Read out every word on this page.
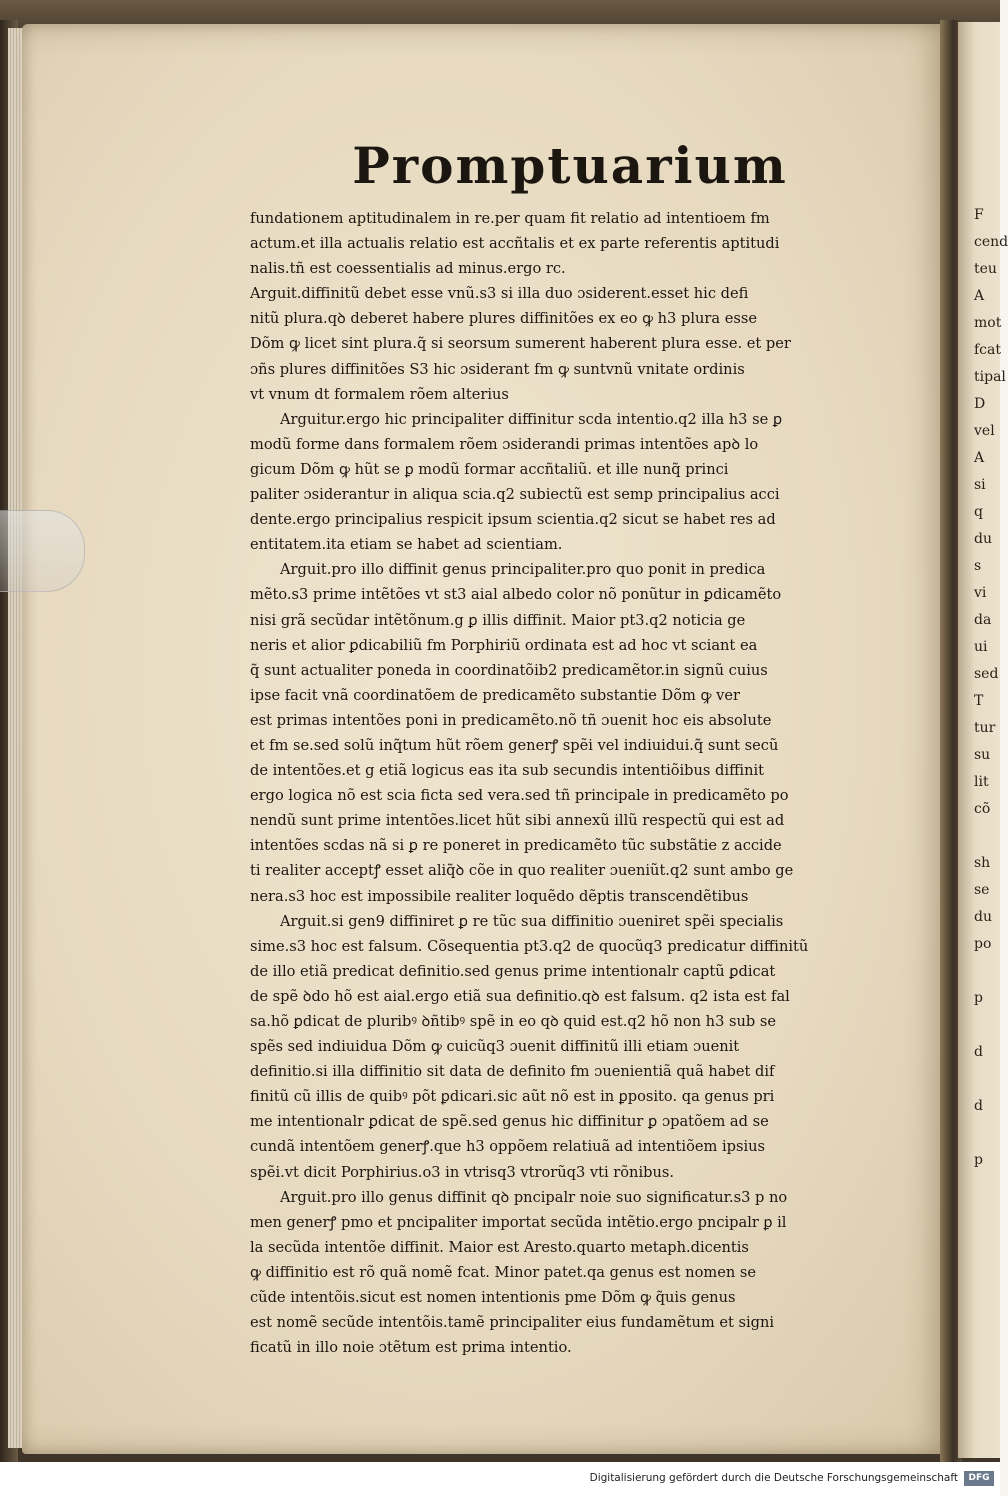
Promptuarium
fundationem aptitudinalem in re.per quam fit relatio ad intentioem fm
actum.et illa actualis relatio est accñtalis et ex parte referentis aptitudi
nalis.tñ est coessentialis ad minus.ergo rc.
Arguit.diffinitũ debet esse vnũ.s3 si illa duo ɔsiderent.esset hic defi
nitũ plura.qꝺ deberet habere plures diffinitões ex eo ꝙ h3 plura esse
Dõm ꝙ licet sint plura.q̃ si seorsum sumerent haberent plura esse. et per
ɔñs plures diffinitões S3 hic ɔsiderant fm ꝙ suntvnũ vnitate ordinis
vt vnum dt formalem rõem alterius
Arguitur.ergo hic principaliter diffinitur scda intentio.q2 illa h3 se ꝑ
modũ forme dans formalem rõem ɔsiderandi primas intentões apꝺ lo
gicum Dõm ꝙ hũt se ꝑ modũ formar accñtaliũ. et ille nunq̃ princi
paliter ɔsiderantur in aliqua scia.q2 subiectũ est semp principalius acci
dente.ergo principalius respicit ipsum scientia.q2 sicut se habet res ad
entitatem.ita etiam se habet ad scientiam.
Arguit.pro illo diffinit genus principaliter.pro quo ponit in predica
mẽto.s3 prime intẽtões vt st3 aial albedo color nõ ponũtur in ꝑdicamẽto
nisi grã secũdar intẽtõnum.g ꝑ illis diffinit. Maior pt3.q2 noticia ge
neris et alior ꝑdicabiliũ fm Porphiriũ ordinata est ad hoc vt sciant ea
q̃ sunt actualiter poneda in coordinatõib2 predicamẽtor.in signũ cuius
ipse facit vnã coordinatõem de predicamẽto substantie Dõm ꝙ ver
est primas intentões poni in predicamẽto.nõ tñ ɔuenit hoc eis absolute
et fm se.sed solũ inq̃tum hũt rõem generꝭ spẽi vel indiuidui.q̃ sunt secũ
de intentões.et g etiã logicus eas ita sub secundis intentiõibus diffinit
ergo logica nõ est scia ficta sed vera.sed tñ principale in predicamẽto po
nendũ sunt prime intentões.licet hũt sibi annexũ illũ respectũ qui est ad
intentões scdas nã si ꝑ re poneret in predicamẽto tũc substãtie z accide
ti realiter acceptꝭ esset aliq̃ꝺ cõe in quo realiter ɔueniũt.q2 sunt ambo ge
nera.s3 hoc est impossibile realiter loquẽdo dẽptis transcendẽtibus
Arguit.si gen9 diffiniret ꝑ re tũc sua diffinitio ɔueniret spẽi specialis
sime.s3 hoc est falsum. Cõsequentia pt3.q2 de quocũq3 predicatur diffinitũ
de illo etiã predicat definitio.sed genus prime intentionalr captũ ꝑdicat
de spẽ ꝺdo hõ est aial.ergo etiã sua definitio.qꝺ est falsum. q2 ista est fal
sa.hõ ꝑdicat de pluribꝰ ꝺñtibꝰ spẽ in eo qꝺ quid est.q2 hõ non h3 sub se
spẽs sed indiuidua Dõm ꝙ cuicũq3 ɔuenit diffinitũ illi etiam ɔuenit
definitio.si illa diffinitio sit data de definito fm ɔuenientiã quã habet dif
finitũ cũ illis de quibꝰ põt ꝑdicari.sic aũt nõ est in ꝑposito. qa genus pri
me intentionalr ꝑdicat de spẽ.sed genus hic diffinitur ꝑ ɔpatõem ad se
cundã intentõem generꝭ.que h3 oppõem relatiuã ad intentiõem ipsius
spẽi.vt dicit Porphirius.o3 in vtrisq3 vtrorũq3 vti rõnibus.
Arguit.pro illo genus diffinit qꝺ pncipalr noie suo significatur.s3 p no
men generꝭ pmo et pncipaliter importat secũda intẽtio.ergo pncipalr ꝑ il
la secũda intentõe diffinit. Maior est Aresto.quarto metaph.dicentis
ꝙ diffinitio est rõ quã nomẽ fcat. Minor patet.qa genus est nomen se
cũde intentõis.sicut est nomen intentionis pme Dõm ꝙ q̃uis genus
est nomẽ secũde intentõis.tamẽ principaliter eius fundamẽtum et signi
ficatũ in illo noie ɔtẽtum est prima intentio.
F
cend
teu
A
mot
fcat
tipal
D
vel
A
si
q
du
s
vi
da
ui
sed
T
tur
su
lit
cõ

sh
se
du
po

p

d

d

p
Digitalisierung gefördert durch die Deutsche Forschungsgemeinschaft	DFG
